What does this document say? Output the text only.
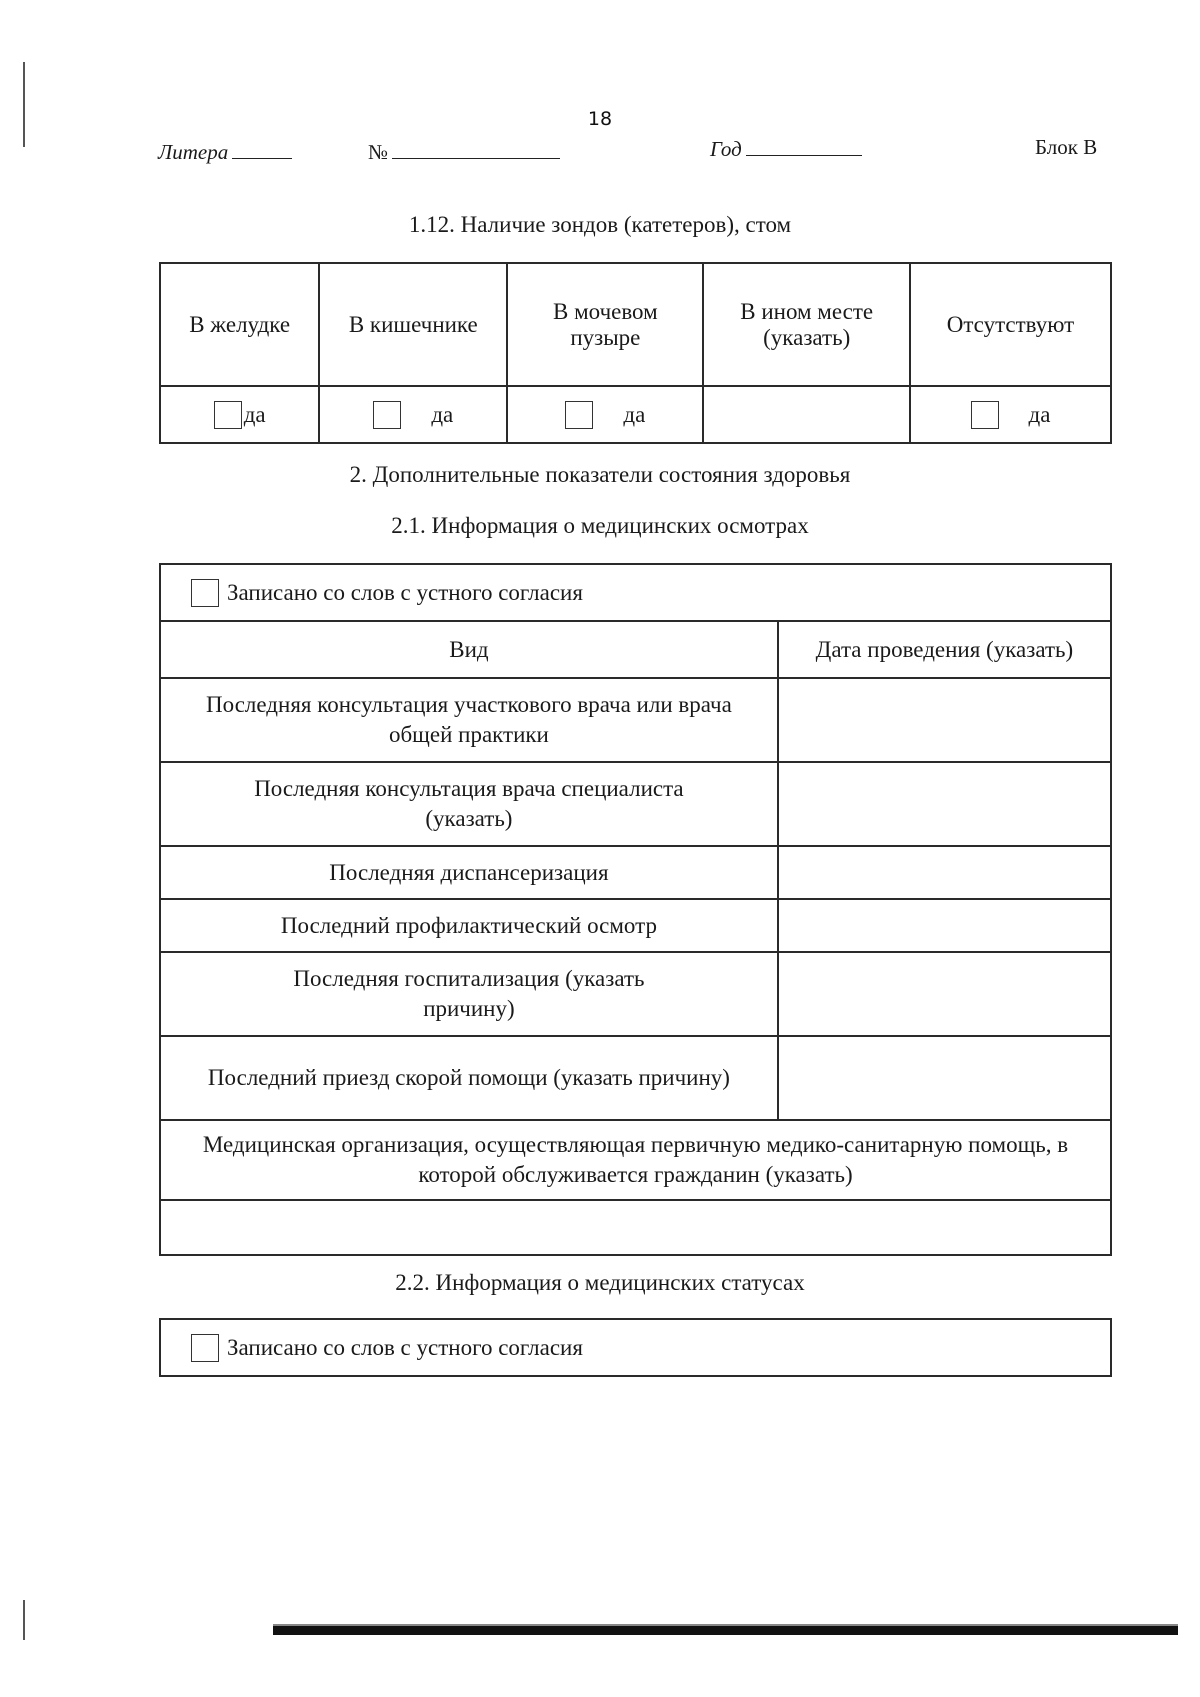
18
Литера	№	Год	Блок В
1.12. Наличие зондов (катетеров), стом
В желудке	В кишечнике	В мочевом пузыре	В ином месте (указать)	Отсутствуют
да	да	да		да
2. Дополнительные показатели состояния здоровья
2.1. Информация о медицинских осмотрах
Записано со слов с устного согласия	
Вид	Дата проведения (указать)
Последняя консультация участкового врача или врача общей практики	
Последняя консультация врача специалиста (указать)	
Последняя диспансеризация	
Последний профилактический осмотр	
Последняя госпитализация (указать причину)	
Последний приезд скорой помощи (указать причину)	
Медицинская организация, осуществляющая первичную медико-санитарную помощь, в которой обслуживается гражданин (указать)	

2.2. Информация о медицинских статусах
Записано со слов с устного согласия
